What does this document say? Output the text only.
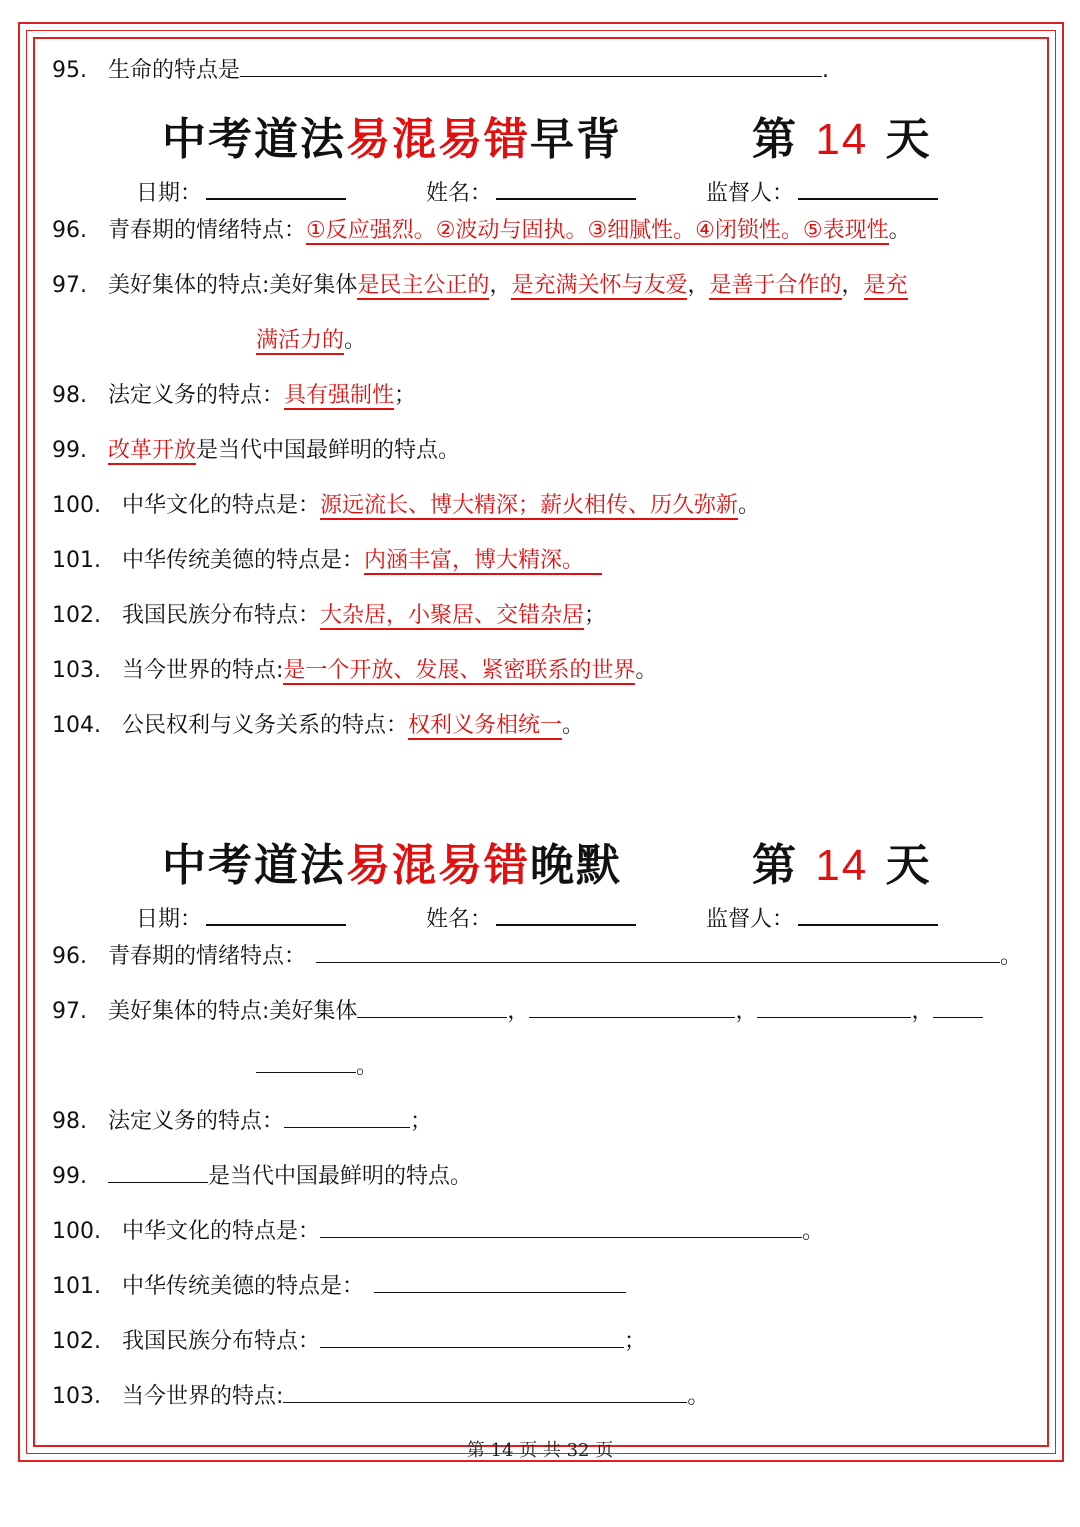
95. 生命的特点是	.
中考道法易混易错早背	第 14 天
日期：	姓名：	监督人：
96. 青春期的情绪特点：①反应强烈。②波动与固执。③细腻性。④闭锁性。⑤表现性。
97. 美好集体的特点:美好集体是民主公正的，是充满关怀与友爱，是善于合作的，是充
满活力的。
98. 法定义务的特点：具有强制性；
99. 改革开放是当代中国最鲜明的特点。
100. 中华文化的特点是：源远流长、博大精深；薪火相传、历久弥新。
101. 中华传统美德的特点是：内涵丰富，博大精深。
102. 我国民族分布特点：大杂居，小聚居、交错杂居；
103. 当今世界的特点:是一个开放、发展、紧密联系的世界。
104. 公民权利与义务关系的特点：权利义务相统一。
中考道法易混易错晚默	第 14 天
日期：	姓名：	监督人：
96. 青春期的情绪特点：	。
97. 美好集体的特点:美好集体	，	，	，
。
98. 法定义务的特点：	；
99.	是当代中国最鲜明的特点。
100. 中华文化的特点是：	。
101. 中华传统美德的特点是：
102. 我国民族分布特点：	；
103. 当今世界的特点:	。
第 14 页 共 32 页
